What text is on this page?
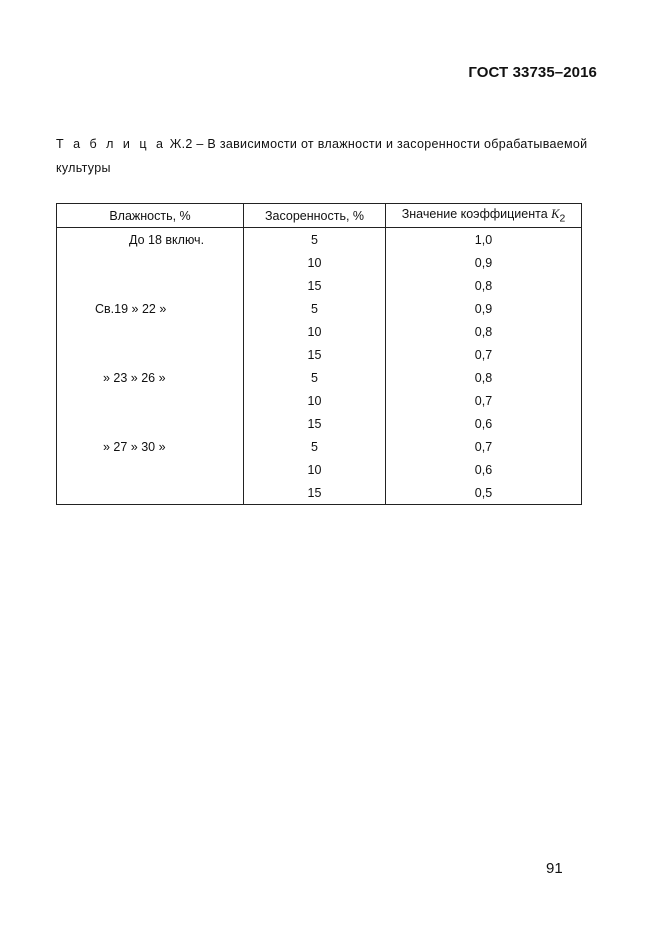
ГОСТ 33735–2016
Т а б л и ц а Ж.2 – В зависимости от влажности и засоренности обрабатываемой культуры
Влажность, %	Засоренность, %	Значение коэффициента $K_2$
До 18 включ.	5	1,0
	10	0,9
	15	0,8
Св.19 » 22 »	5	0,9
	10	0,8
	15	0,7
» 23 » 26 »	5	0,8
	10	0,7
	15	0,6
» 27 » 30 »	5	0,7
	10	0,6
	15	0,5
91
